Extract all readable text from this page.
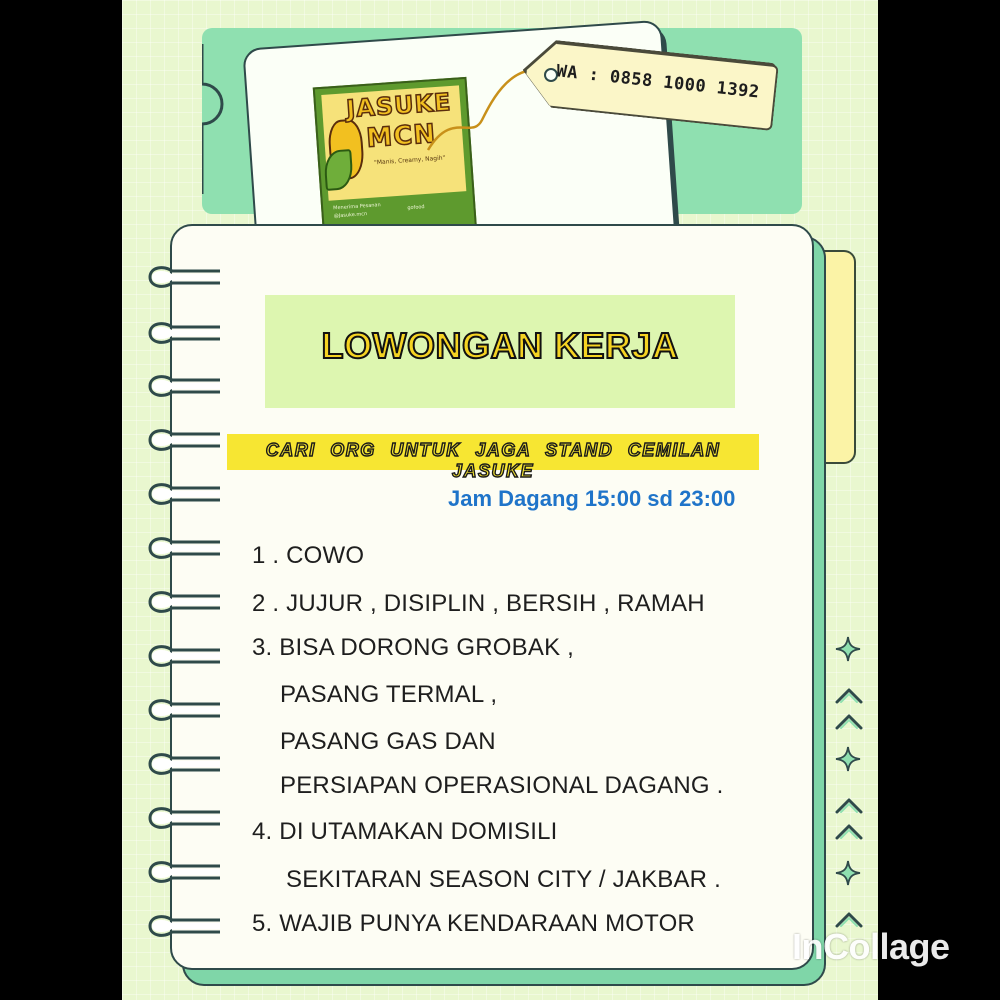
JASUKE
MCN
"Manis, Creamy, Nagih"
Menerima Pesanan
@Jasuke.mcn
gofood
WA : 0858 1000 1392
LOWONGAN KERJA
CARI ORG UNTUK JAGA STAND CEMILAN JASUKE
Jam Dagang 15:00 sd 23:00
1 . COWO
2 . JUJUR , DISIPLIN , BERSIH , RAMAH
3. BISA DORONG GROBAK ,
PASANG TERMAL ,
PASANG GAS DAN
PERSIAPAN OPERASIONAL DAGANG .
4. DI UTAMAKAN DOMISILI
SEKITARAN SEASON CITY / JAKBAR .
5. WAJIB PUNYA KENDARAAN MOTOR
InCollage
